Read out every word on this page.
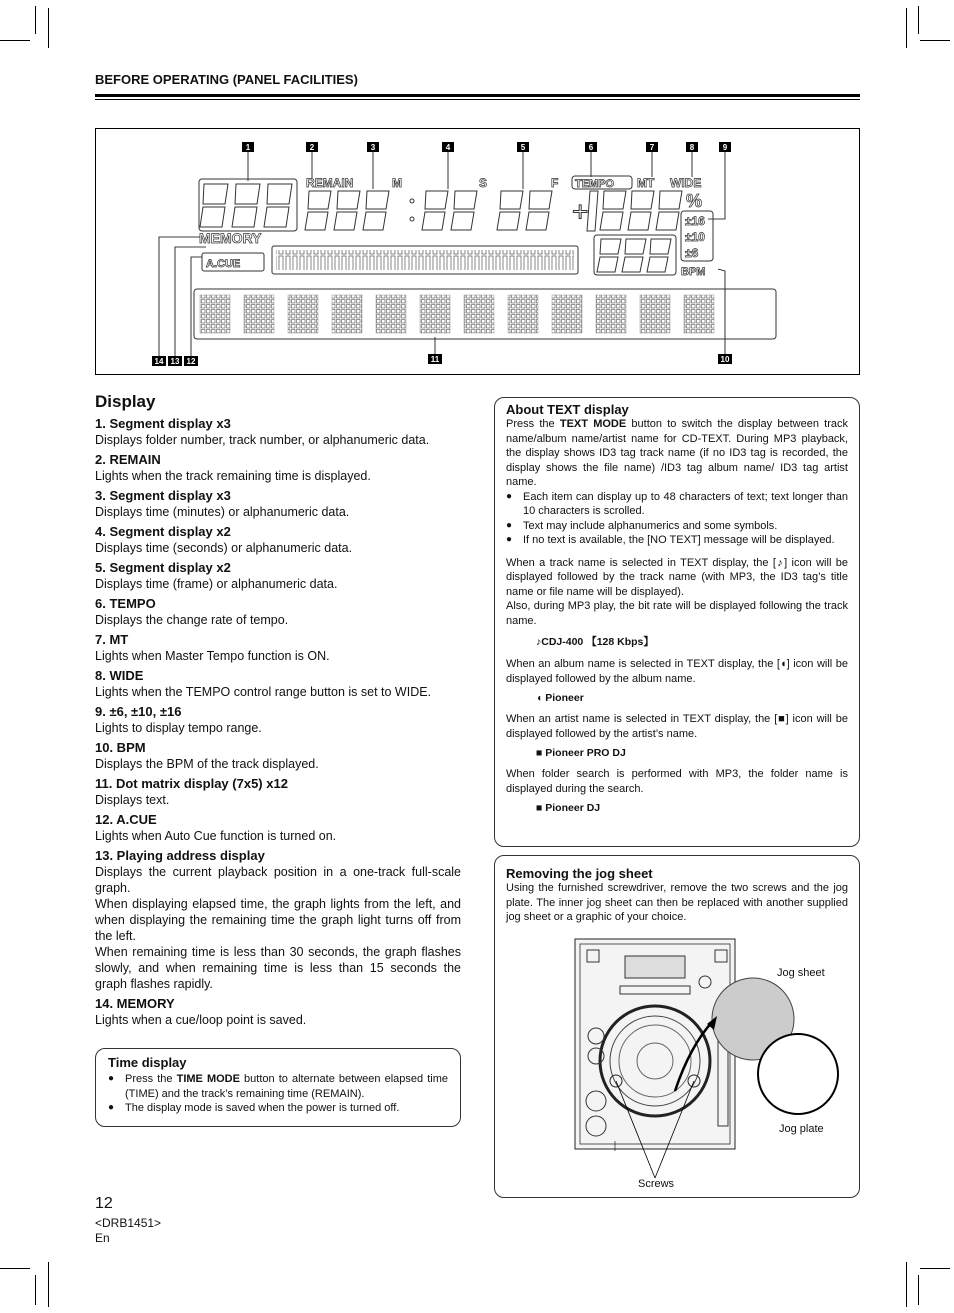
BEFORE OPERATING (PANEL FACILITIES)
1	2	3	4	5	6	7	8	9
10
11
12
13
14
+
REMAIN	M	S	F TEMPO MT WIDE
MEMORY
A.CUE
BPM
%
±16
±10
±6
Display
1. Segment display x3
Displays folder number, track number, or alphanumeric data.
2. REMAIN
Lights when the track remaining time is displayed.
3. Segment display x3
Displays time (minutes) or alphanumeric data.
4. Segment display x2
Displays time (seconds) or alphanumeric data.
5. Segment display x2
Displays time (frame) or alphanumeric data.
6. TEMPO
Displays the change rate of tempo.
7. MT
Lights when Master Tempo function is ON.
8. WIDE
Lights when the TEMPO control range button is set to WIDE.
9. ±6, ±10, ±16
Lights to display tempo range.
10. BPM
Displays the BPM of the track displayed.
11. Dot matrix display (7x5) x12
Displays text.
12. A.CUE
Lights when Auto Cue function is turned on.
13. Playing address display
Displays the current playback position in a one-track full-scale graph.
When displaying elapsed time, the graph lights from the left, and when displaying the remaining time the graph light turns off from the left.
When remaining time is less than 30 seconds, the graph flashes slowly, and when remaining time is less than 15 seconds the graph flashes rapidly.
14. MEMORY
Lights when a cue/loop point is saved.
Time display
● Press the TIME MODE button to alternate between elapsed time (TIME) and the track’s remaining time (REMAIN).
● The display mode is saved when the power is turned off.
About TEXT display
Press the TEXT MODE button to switch the display between track name/album name/artist name for CD-TEXT. During MP3 playback, the display shows ID3 tag track name (if no ID3 tag is recorded, the display shows the file name) /ID3 tag album name/ ID3 tag artist name.
● Each item can display up to 48 characters of text; text longer than 10 characters is scrolled.
● Text may include alphanumerics and some symbols.
● If no text is available, the [NO TEXT] message will be displayed.
When a track name is selected in TEXT display, the [♪] icon will be displayed followed by the track name (with MP3, the ID3 tag’s title name or file name will be displayed).
Also, during MP3 play, the bit rate will be displayed following the track name.
♪CDJ-400 【128 Kbps】
When an album name is selected in TEXT display, the [◖] icon will be displayed followed by the album name.
◖ Pioneer
When an artist name is selected in TEXT display, the [■] icon will be displayed followed by the artist’s name.
■ Pioneer PRO DJ
When folder search is performed with MP3, the folder name is displayed during the search.
■ Pioneer DJ
Removing the jog sheet
Using the furnished screwdriver, remove the two screws and the jog plate. The inner jog sheet can then be replaced with another supplied jog sheet or a graphic of your choice.
Jog sheet
Jog plate
Screws
12
<DRB1451>
En
